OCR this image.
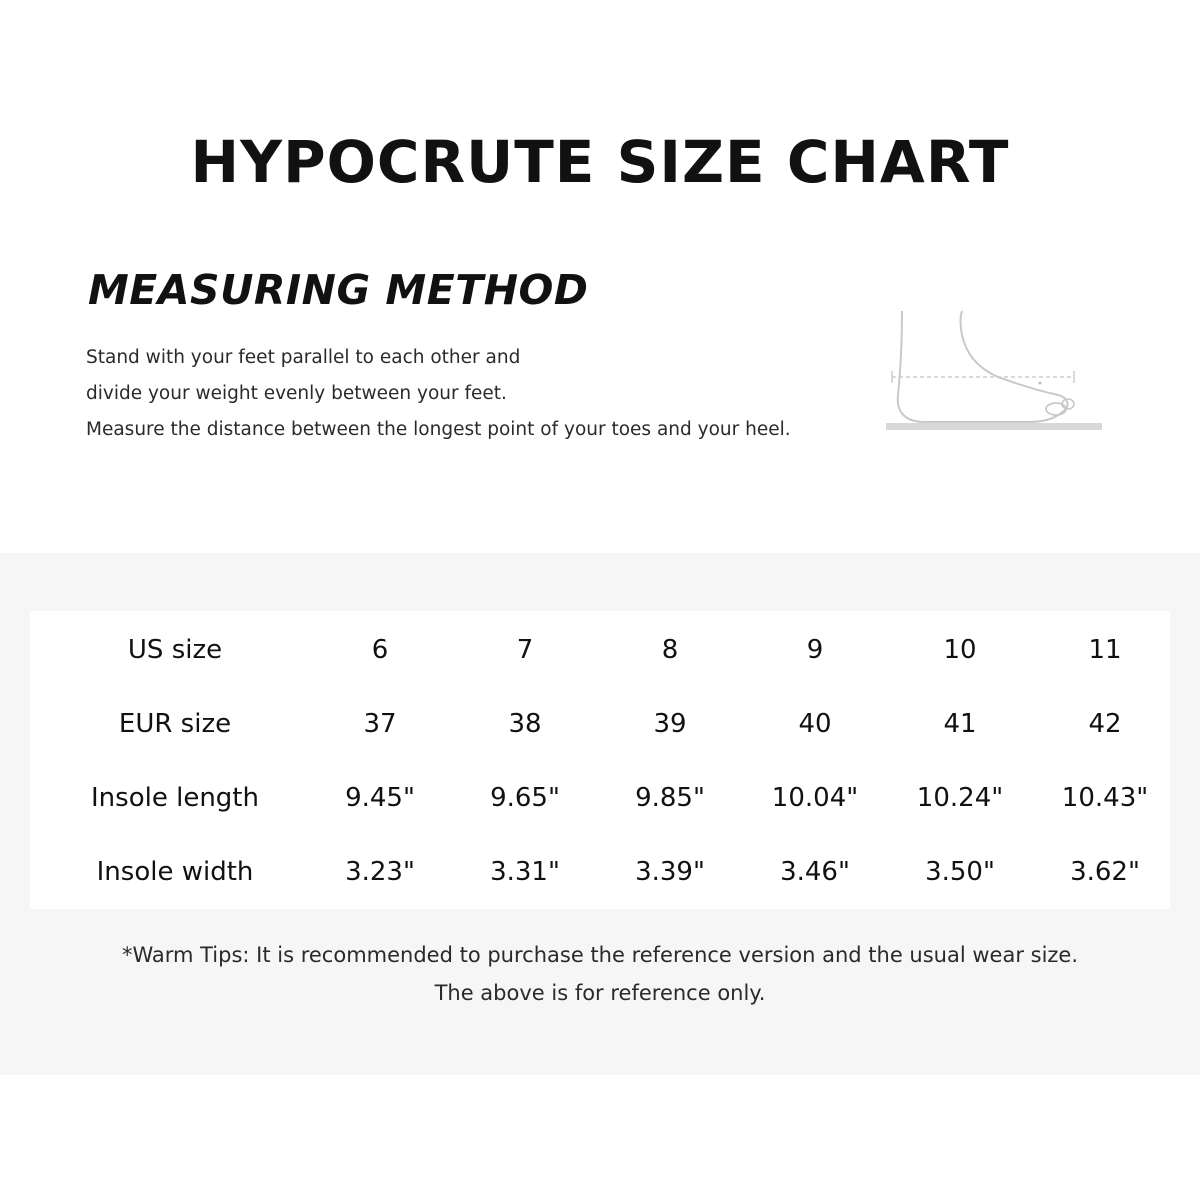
HYPOCRUTE SIZE CHART
MEASURING METHOD
Stand with your feet parallel to each other and
divide your weight evenly between your feet.
Measure the distance between the longest point of your toes and your heel.
US size	6	7	8	9	10	11
EUR size	37	38	39	40	41	42
Insole length	9.45"	9.65"	9.85"	10.04"	10.24"	10.43"
Insole width	3.23"	3.31"	3.39"	3.46"	3.50"	3.62"
*Warm Tips: It is recommended to purchase the reference version and the usual wear size.
The above is for reference only.
